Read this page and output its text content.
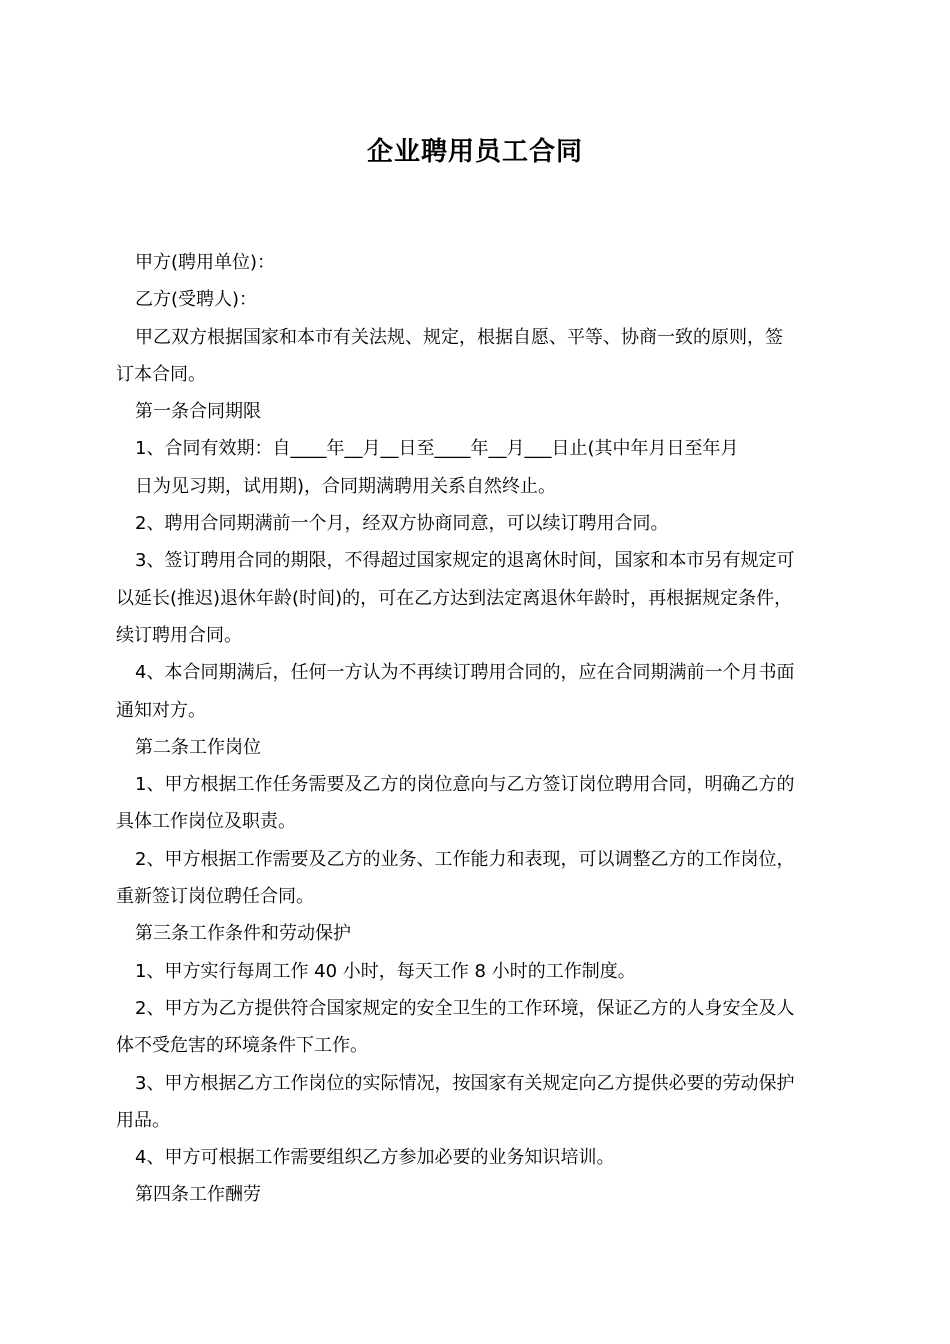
企业聘用员工合同

甲方(聘用单位)：

乙方(受聘人)：

甲乙双方根据国家和本市有关法规、规定，根据自愿、平等、协商一致的原则，签

订本合同。

第一条合同期限

1、合同有效期：自____年__月__日至____年__月___日止(其中年月日至年月

日为见习期，试用期)，合同期满聘用关系自然终止。

2、聘用合同期满前一个月，经双方协商同意，可以续订聘用合同。

3、签订聘用合同的期限，不得超过国家规定的退离休时间，国家和本市另有规定可

以延长(推迟)退休年龄(时间)的，可在乙方达到法定离退休年龄时，再根据规定条件，

续订聘用合同。

4、本合同期满后，任何一方认为不再续订聘用合同的，应在合同期满前一个月书面

通知对方。

第二条工作岗位

1、甲方根据工作任务需要及乙方的岗位意向与乙方签订岗位聘用合同，明确乙方的

具体工作岗位及职责。

2、甲方根据工作需要及乙方的业务、工作能力和表现，可以调整乙方的工作岗位，

重新签订岗位聘任合同。

第三条工作条件和劳动保护

1、甲方实行每周工作 40 小时，每天工作 8 小时的工作制度。

2、甲方为乙方提供符合国家规定的安全卫生的工作环境，保证乙方的人身安全及人

体不受危害的环境条件下工作。

3、甲方根据乙方工作岗位的实际情况，按国家有关规定向乙方提供必要的劳动保护

用品。

4、甲方可根据工作需要组织乙方参加必要的业务知识培训。

第四条工作酬劳
